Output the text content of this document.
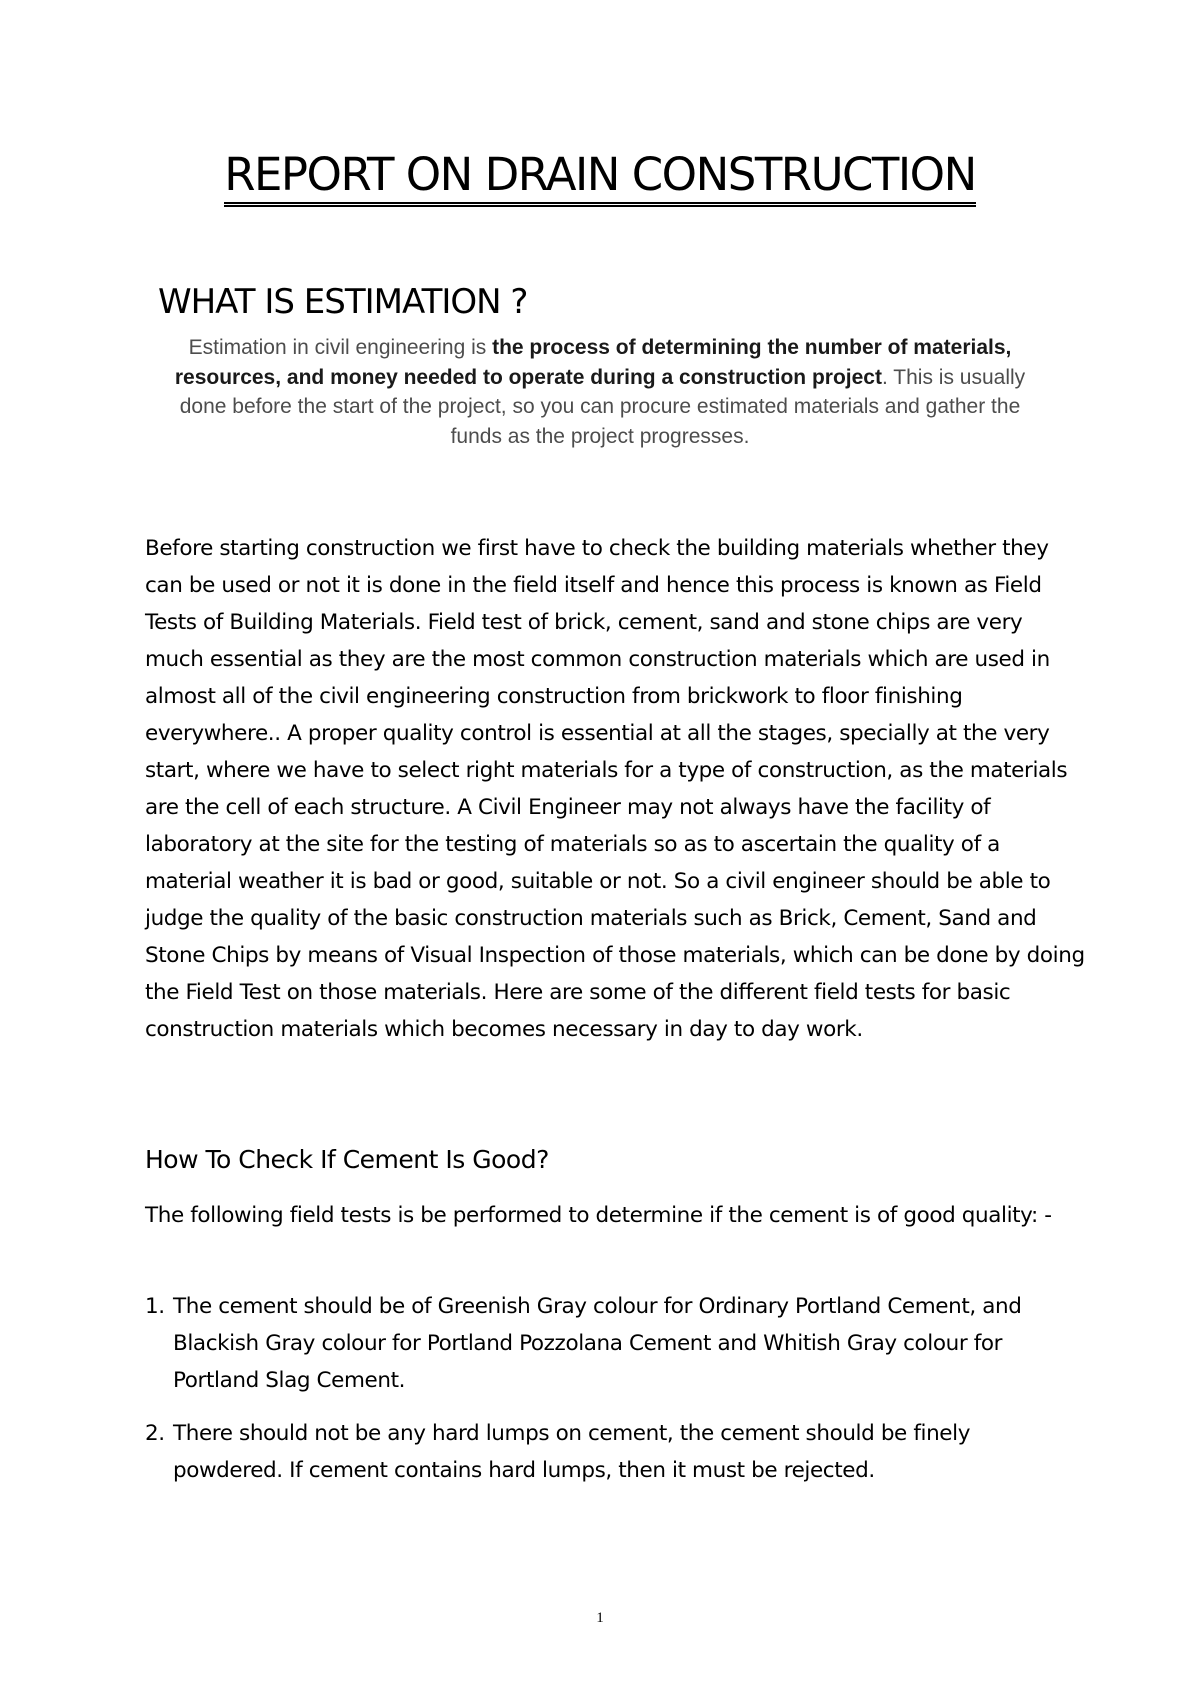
REPORT ON DRAIN CONSTRUCTION
WHAT IS ESTIMATION ?

Estimation in civil engineering is the process of determining the number of materials, resources, and money needed to operate during a construction project. This is usually done before the start of the project, so you can procure estimated materials and gather the funds as the project progresses.

Before starting construction we first have to check the building materials whether they can be used or not it is done in the field itself and hence this process is known as Field Tests of Building Materials. Field test of brick, cement, sand and stone chips are very much essential as they are the most common construction materials which are used in almost all of the civil engineering construction from brickwork to floor finishing everywhere.. A proper quality control is essential at all the stages, specially at the very start, where we have to select right materials for a type of construction, as the materials are the cell of each structure. A Civil Engineer may not always have the facility of laboratory at the site for the testing of materials so as to ascertain the quality of a material weather it is bad or good, suitable or not. So a civil engineer should be able to judge the quality of the basic construction materials such as Brick, Cement, Sand and Stone Chips by means of Visual Inspection of those materials, which can be done by doing the Field Test on those materials. Here are some of the different field tests for basic construction materials which becomes necessary in day to day work.

How To Check If Cement Is Good?

The following field tests is be performed to determine if the cement is of good quality: -

1. The cement should be of Greenish Gray colour for Ordinary Portland Cement, and Blackish Gray colour for Portland Pozzolana Cement and Whitish Gray colour for Portland Slag Cement.
2. There should not be any hard lumps on cement, the cement should be finely powdered. If cement contains hard lumps, then it must be rejected.
1
